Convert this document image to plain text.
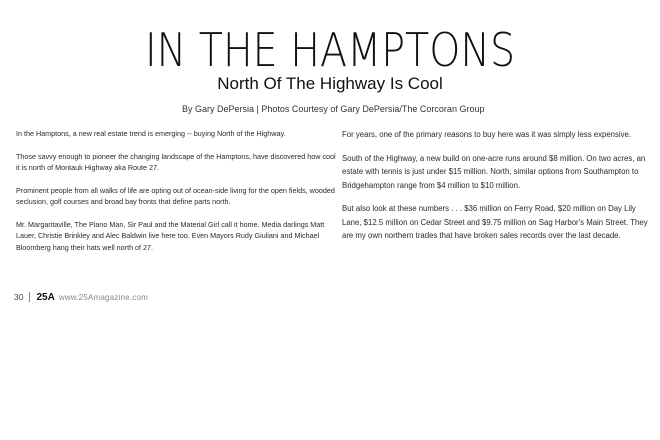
IN THE HAMPTONS
North Of The Highway Is Cool
By Gary DePersia | Photos Courtesy of Gary DePersia/The Corcoran Group

In the Hamptons, a new real estate trend is emerging -- buying North of the Highway.

Those savvy enough to pioneer the changing landscape of the Hamptons, have discovered how cool it is north of Montauk Highway aka Route 27.

Prominent people from all walks of life are opting out of ocean-side living for the open fields, wooded seclusion, golf courses and broad bay fronts that define parts north.

Mr. Margaritaville, The Piano Man, Sir Paul and the Material Girl call it home. Media darlings Matt Lauer, Christie Brinkley and Alec Baldwin live here too. Even Mayors Rudy Giuliani and Michael Bloomberg hang their hats well north of 27.

For years, one of the primary reasons to buy here was it was simply less expensive.

South of the Highway, a new build on one-acre runs around $8 million. On two acres, an estate with tennis is just under $15 million. North, similar options from Southampton to Bridgehampton range from $4 million to $10 million.

But also look at these numbers . . . $36 million on Ferry Road, $20 million on Day Lily Lane, $12.5 million on Cedar Street and $9.75 million on Sag Harbor's Main Street. They are my own northern trades that have broken sales records over the last decade.

30 25A www.25Amagazine.com
